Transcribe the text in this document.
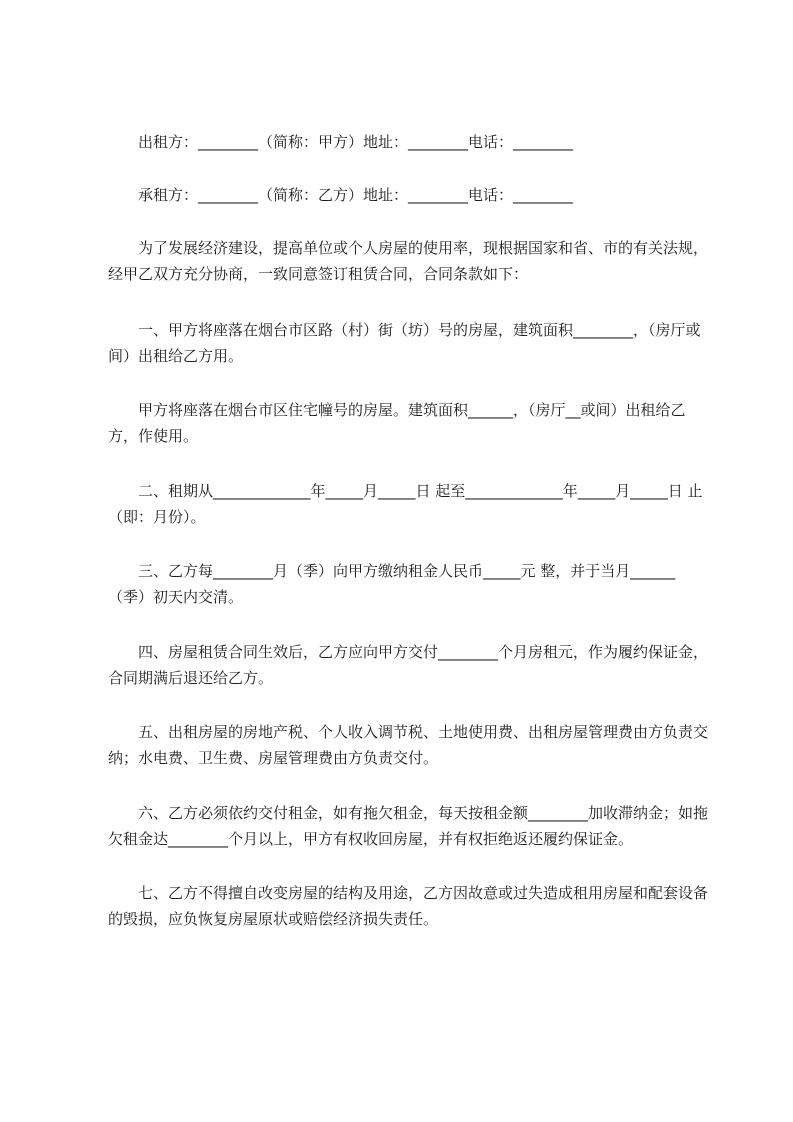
出租方：________（简称：甲方）地址：________电话：________

承租方：________（简称：乙方）地址：________电话：________

为了发展经济建设，提高单位或个人房屋的使用率，现根据国家和省、市的有关法规，经甲乙双方充分协商，一致同意签订租赁合同，合同条款如下：

一、甲方将座落在烟台市区路（村）街（坊）号的房屋，建筑面积________，（房厅或间）出租给乙方用。

甲方将座落在烟台市区住宅幢号的房屋。建筑面积______，（房厅__或间）出租给乙方，作使用。

二、租期从_____________年_____月_____日 起至_____________年_____月_____日 止（即：月份）。

三、乙方每________月（季）向甲方缴纳租金人民币_____元 整，并于当月______（季）初天内交清。

四、房屋租赁合同生效后，乙方应向甲方交付________个月房租元，作为履约保证金，合同期满后退还给乙方。

五、出租房屋的房地产税、个人收入调节税、土地使用费、出租房屋管理费由方负责交纳；水电费、卫生费、房屋管理费由方负责交付。

六、乙方必须依约交付租金，如有拖欠租金，每天按租金额________加收滞纳金；如拖欠租金达________个月以上，甲方有权收回房屋，并有权拒绝返还履约保证金。

七、乙方不得擅自改变房屋的结构及用途，乙方因故意或过失造成租用房屋和配套设备的毁损，应负恢复房屋原状或赔偿经济损失责任。
